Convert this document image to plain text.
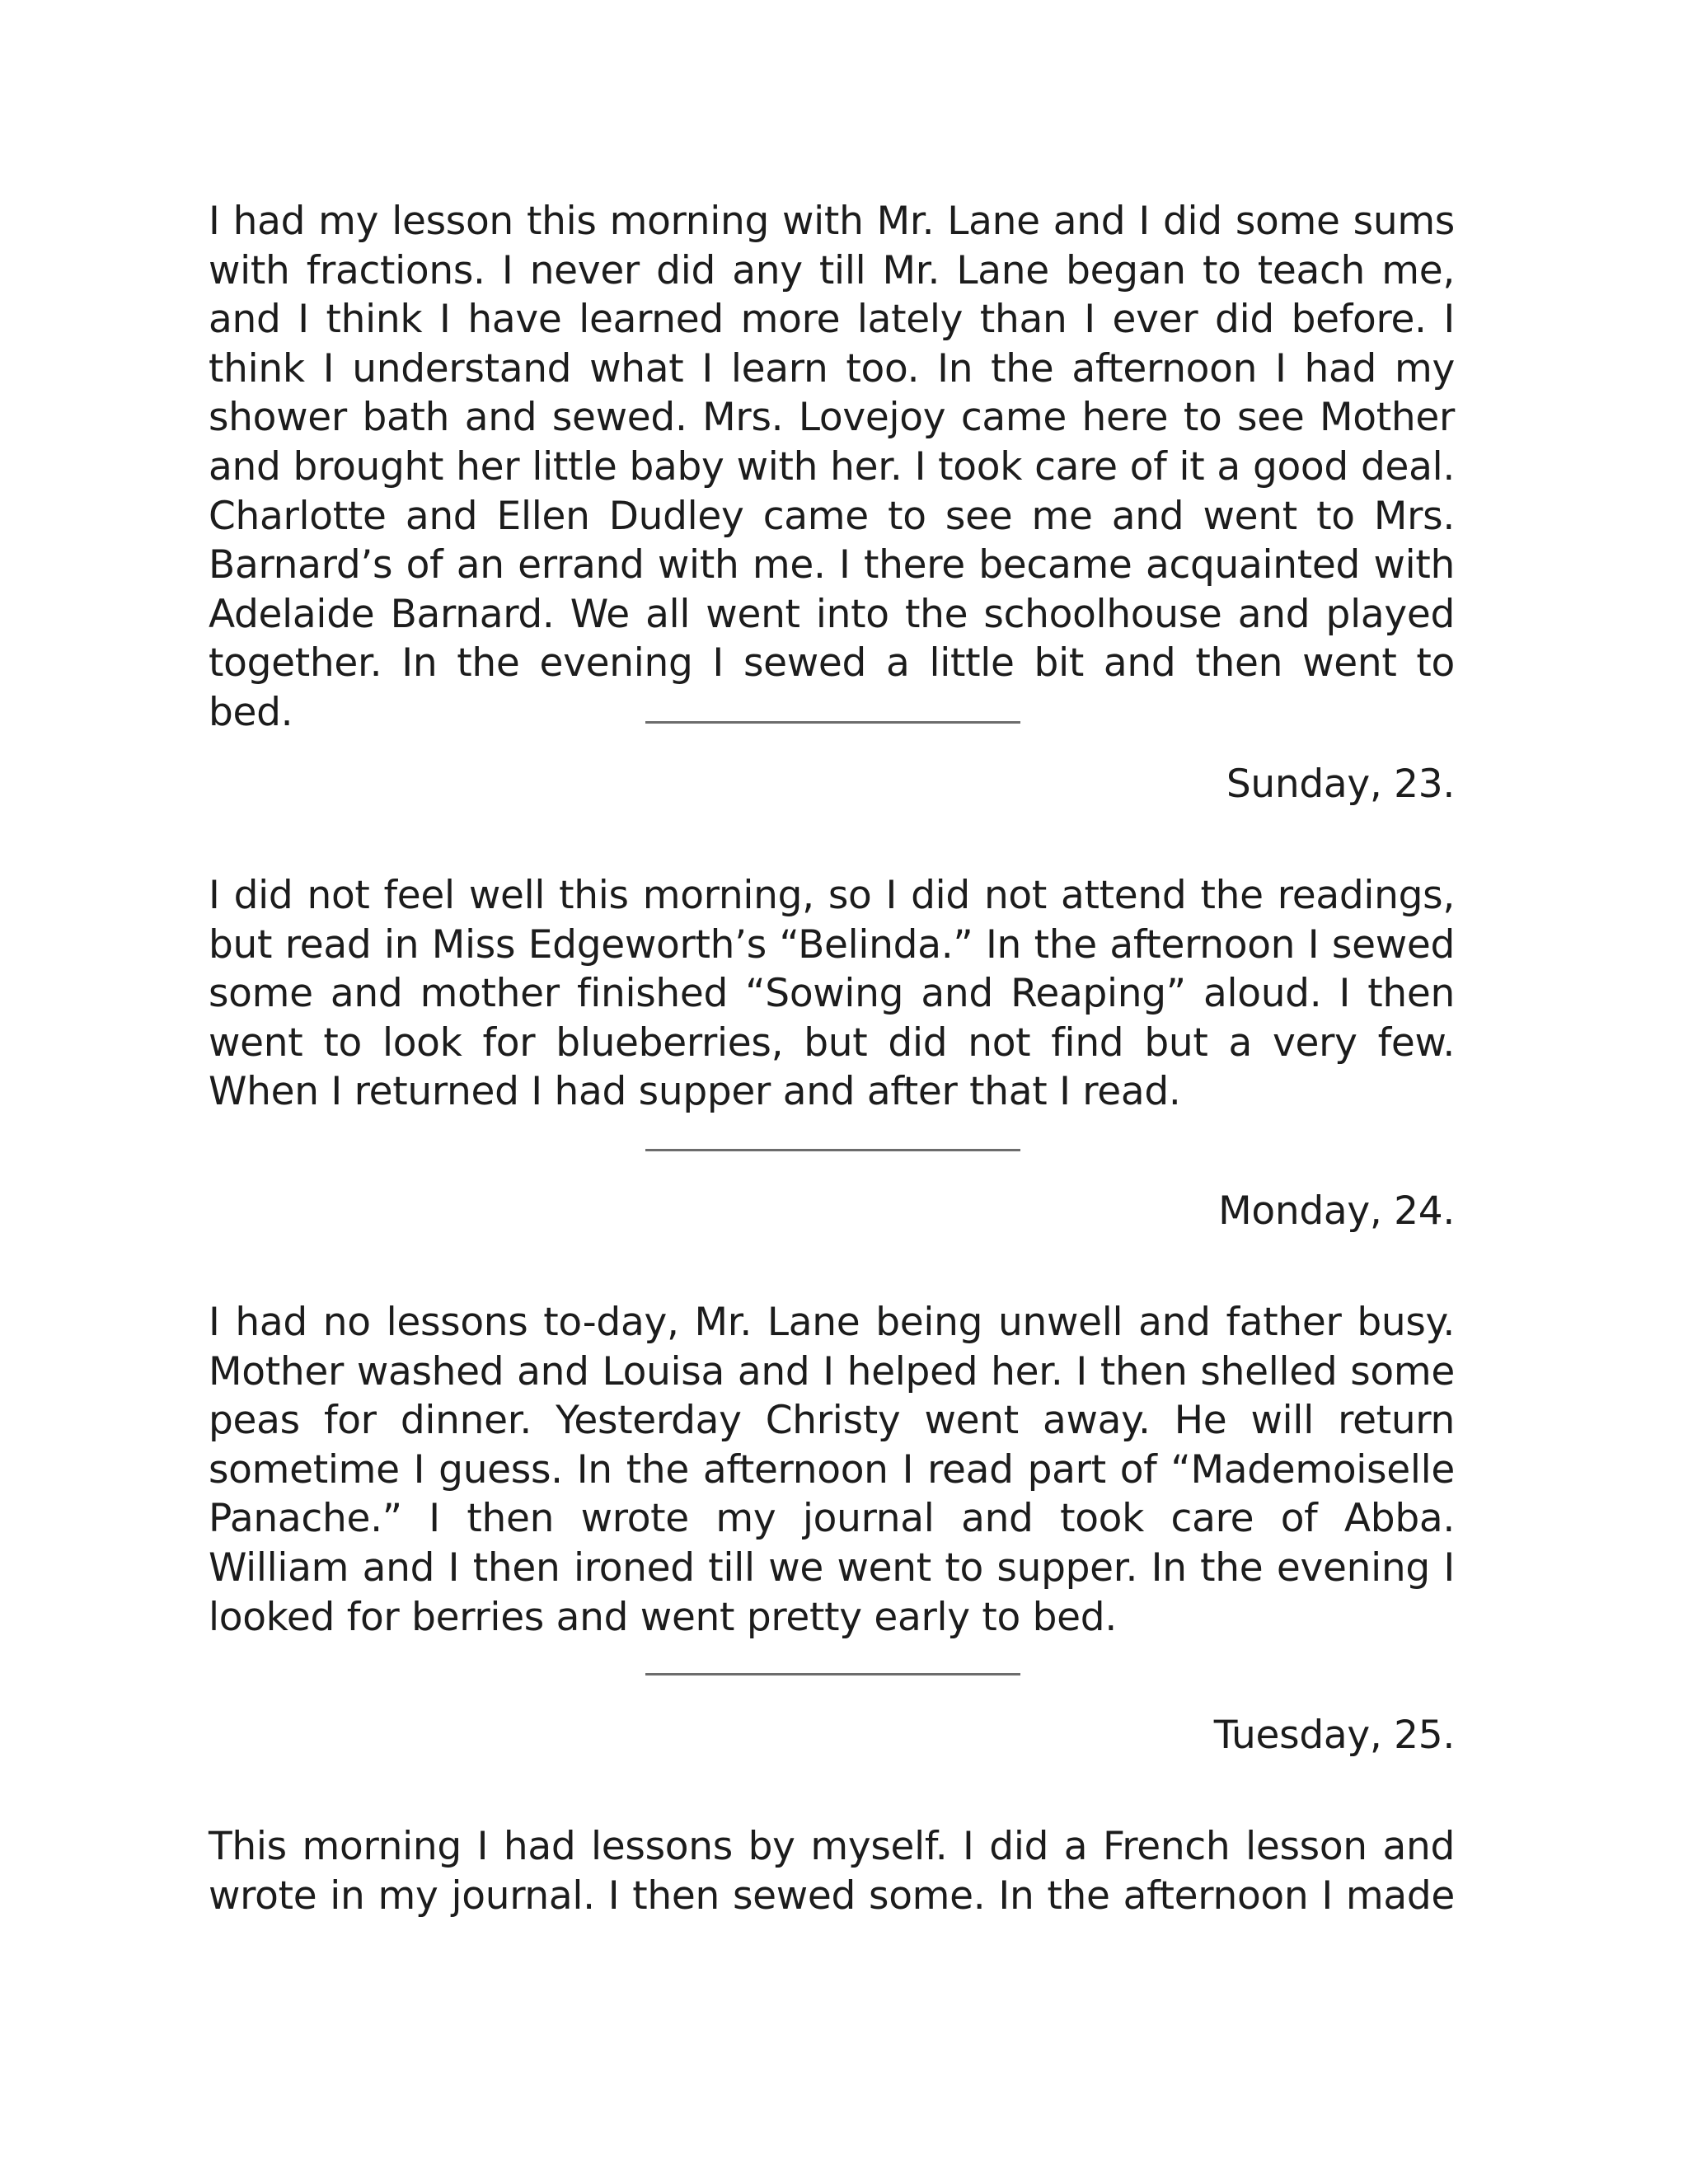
I had my lesson this morning with Mr. Lane and I did some sums with fractions. I never did any till Mr. Lane began to teach me, and I think I have learned more lately than I ever did before. I think I understand what I learn too. In the afternoon I had my shower bath and sewed. Mrs. Lovejoy came here to see Mother and brought her little baby with her. I took care of it a good deal. Charlotte and Ellen Dudley came to see me and went to Mrs. Barnard’s of an errand with me. I there became acquainted with Adelaide Barnard. We all went into the schoolhouse and played together. In the evening I sewed a little bit and then went to bed.

Sunday, 23.

I did not feel well this morning, so I did not attend the readings, but read in Miss Edgeworth’s “Belinda.” In the afternoon I sewed some and mother finished “Sowing and Reaping” aloud. I then went to look for blueberries, but did not find but a very few. When I returned I had supper and after that I read.

Monday, 24.

I had no lessons to-day, Mr. Lane being unwell and father busy. Mother washed and Louisa and I helped her. I then shelled some peas for dinner. Yesterday Christy went away. He will return sometime I guess. In the afternoon I read part of “Mademoiselle Panache.” I then wrote my journal and took care of Abba. William and I then ironed till we went to supper. In the evening I looked for berries and went pretty early to bed.

Tuesday, 25.

This morning I had lessons by myself. I did a French lesson and wrote in my journal. I then sewed some. In the afternoon I made
